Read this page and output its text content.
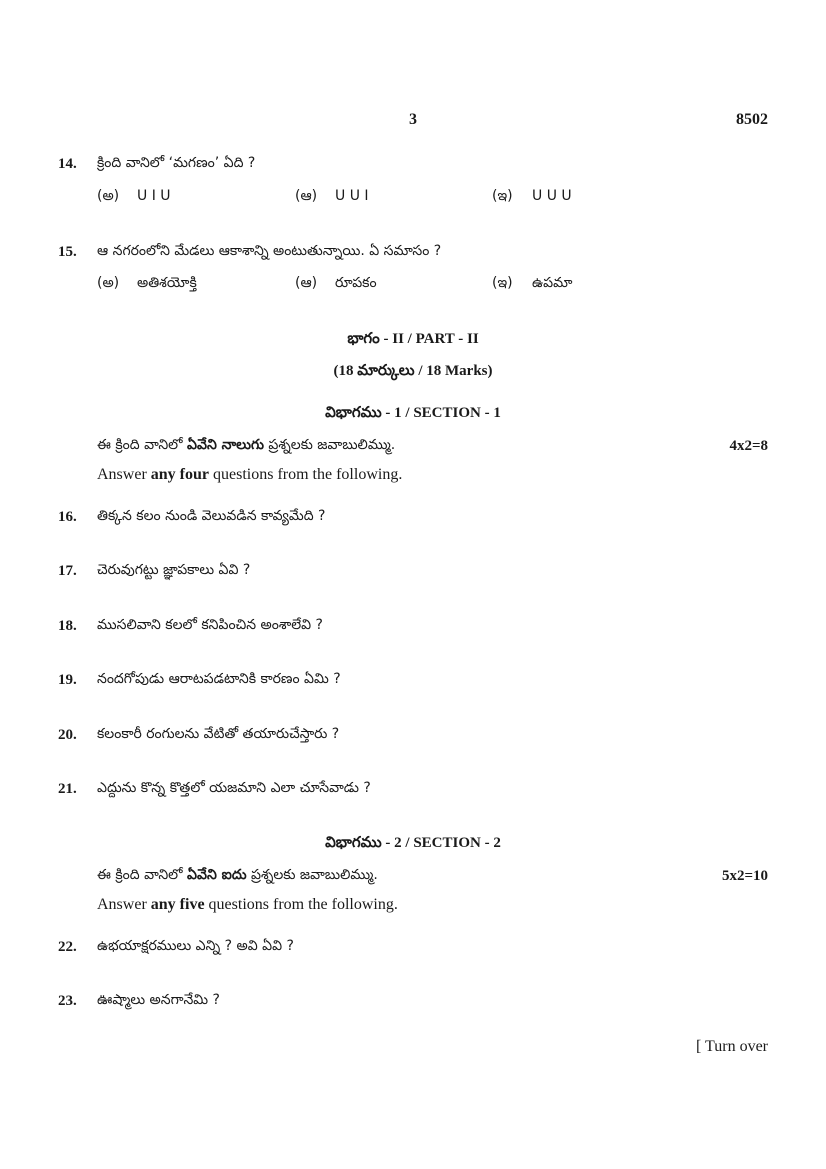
3	8502
14. క్రింది వానిలో ‘మగణం’ ఏది ?
(అ) U I U	(ఆ) U U I	(ఇ) U U U
15. ఆ నగరంలోని మేడలు ఆకాశాన్ని అంటుతున్నాయి. ఏ సమాసం ?
(అ) అతిశయోక్తి	(ఆ) రూపకం	(ఇ) ఉపమా
భాగం - II / PART - II
(18 మార్కులు / 18 Marks)
విభాగము - 1 / SECTION - 1
ఈ క్రింది వానిలో ఏవేని నాలుగు ప్రశ్నలకు జవాబులిమ్ము.	4x2=8
Answer any four questions from the following.
16. తిక్కన కలం నుండి వెలువడిన కావ్యమేది ?
17. చెరువుగట్టు జ్ఞాపకాలు ఏవి ?
18. ముసలివాని కలలో కనిపించిన అంశాలేవి ?
19. నందగోపుడు ఆరాటపడటానికి కారణం ఏమి ?
20. కలంకారీ రంగులను వేటితో తయారుచేస్తారు ?
21. ఎద్దును కొన్న కొత్తలో యజమాని ఎలా చూసేవాడు ?
విభాగము - 2 / SECTION - 2
ఈ క్రింది వానిలో ఏవేని ఐదు ప్రశ్నలకు జవాబులిమ్ము.	5x2=10
Answer any five questions from the following.
22. ఉభయాక్షరములు ఎన్ని ? అవి ఏవి ?
23. ఊష్మాలు అనగానేమి ?
[ Turn over
